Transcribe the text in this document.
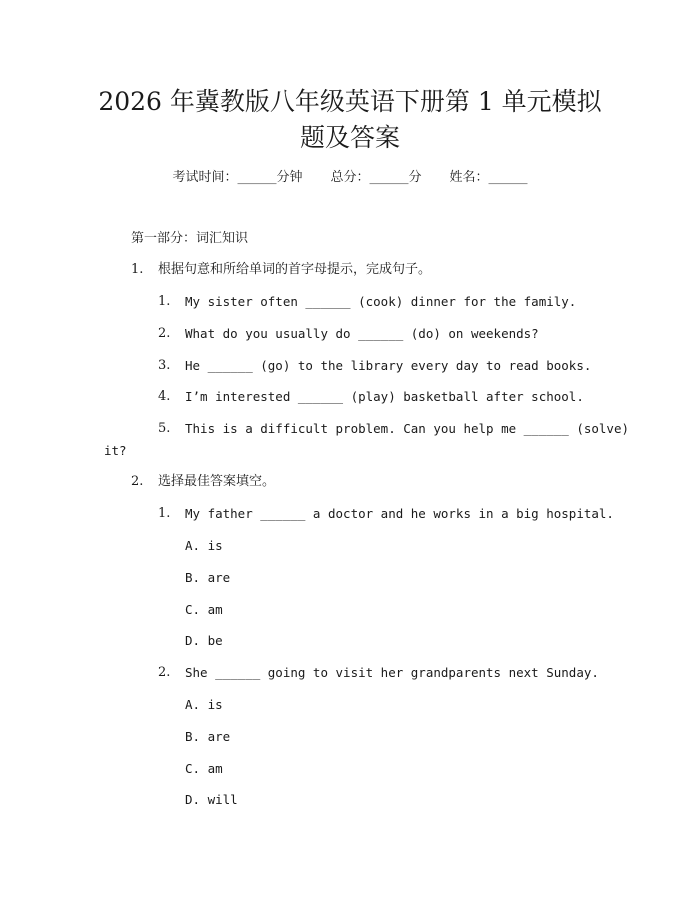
2026 年冀教版八年级英语下册第 1 单元模拟
题及答案
考试时间：______分钟 总分：______分 姓名：______
第一部分：词汇知识
1. 根据句意和所给单词的首字母提示，完成句子。
1. My sister often ______ (cook) dinner for the family.
2. What do you usually do ______ (do) on weekends?
3. He ______ (go) to the library every day to read books.
4. I’m interested ______ (play) basketball after school.
5. This is a difficult problem. Can you help me ______ (solve)
it?
2. 选择最佳答案填空。
1. My father ______ a doctor and he works in a big hospital.
A. is
B. are
C. am
D. be
2. She ______ going to visit her grandparents next Sunday.
A. is
B. are
C. am
D. will
